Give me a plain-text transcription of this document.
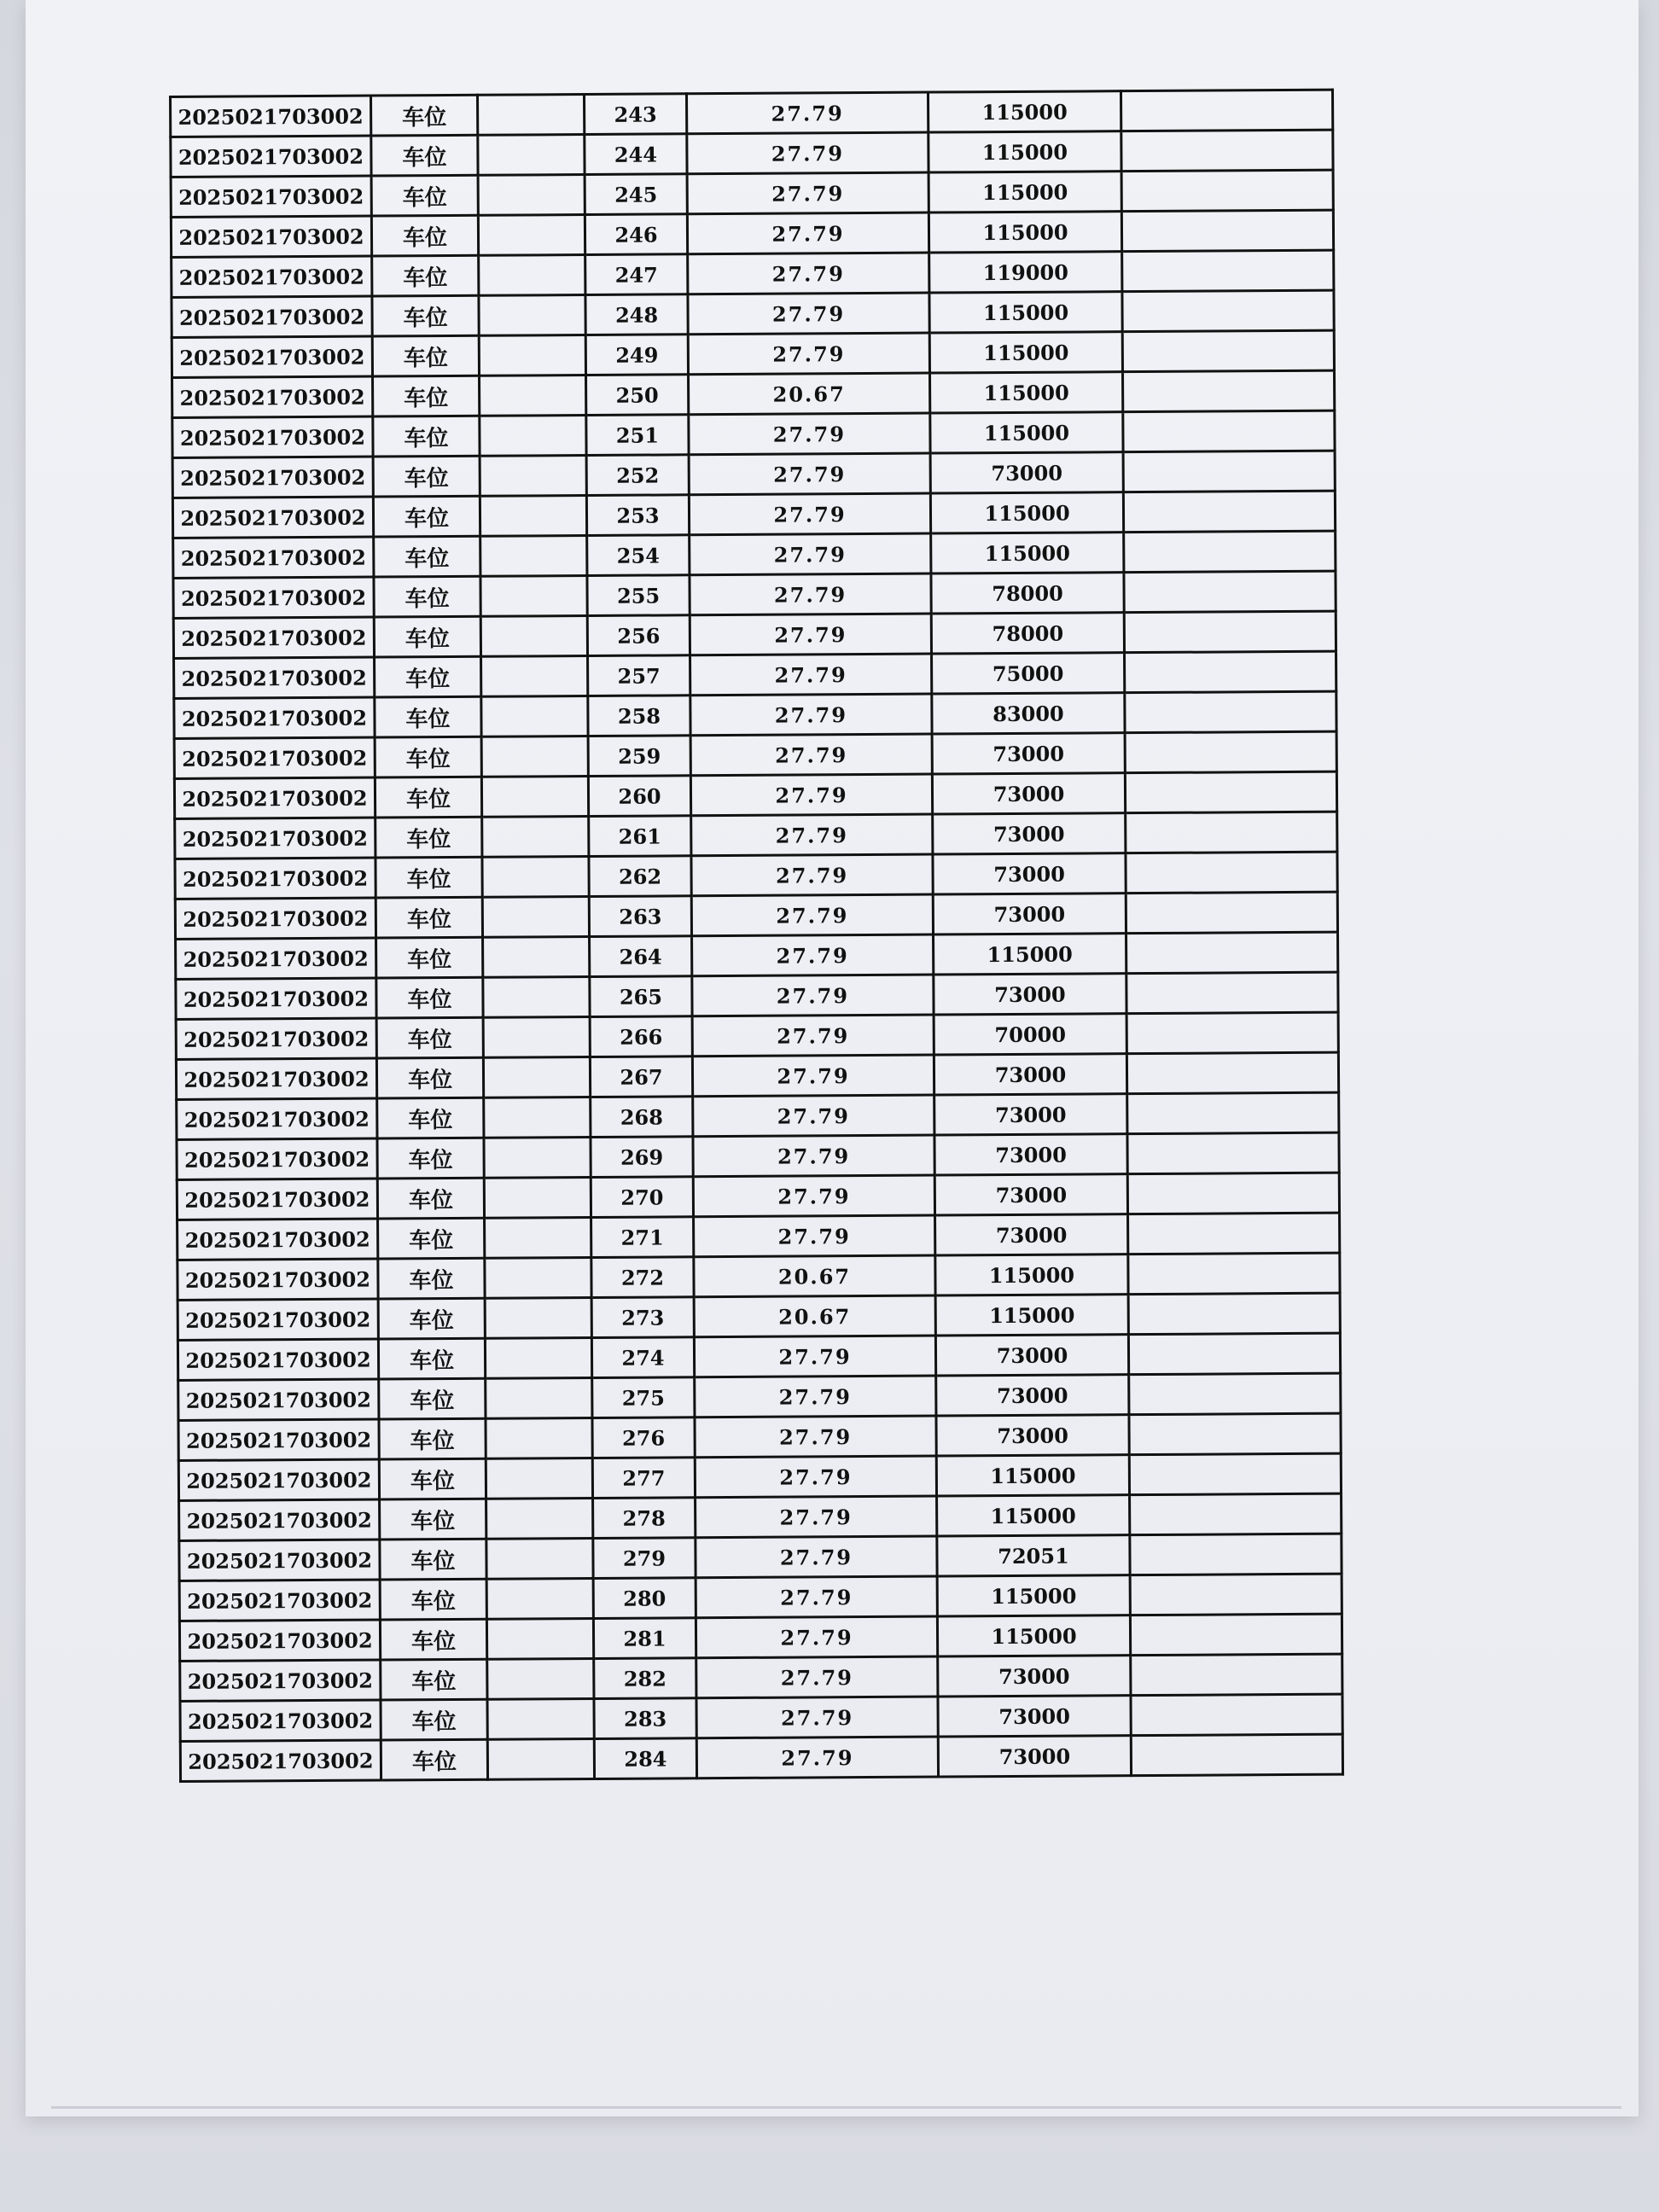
2025021703002	车位		243	27.79	115000	
2025021703002	车位		244	27.79	115000	
2025021703002	车位		245	27.79	115000	
2025021703002	车位		246	27.79	115000	
2025021703002	车位		247	27.79	119000	
2025021703002	车位		248	27.79	115000	
2025021703002	车位		249	27.79	115000	
2025021703002	车位		250	20.67	115000	
2025021703002	车位		251	27.79	115000	
2025021703002	车位		252	27.79	73000	
2025021703002	车位		253	27.79	115000	
2025021703002	车位		254	27.79	115000	
2025021703002	车位		255	27.79	78000	
2025021703002	车位		256	27.79	78000	
2025021703002	车位		257	27.79	75000	
2025021703002	车位		258	27.79	83000	
2025021703002	车位		259	27.79	73000	
2025021703002	车位		260	27.79	73000	
2025021703002	车位		261	27.79	73000	
2025021703002	车位		262	27.79	73000	
2025021703002	车位		263	27.79	73000	
2025021703002	车位		264	27.79	115000	
2025021703002	车位		265	27.79	73000	
2025021703002	车位		266	27.79	70000	
2025021703002	车位		267	27.79	73000	
2025021703002	车位		268	27.79	73000	
2025021703002	车位		269	27.79	73000	
2025021703002	车位		270	27.79	73000	
2025021703002	车位		271	27.79	73000	
2025021703002	车位		272	20.67	115000	
2025021703002	车位		273	20.67	115000	
2025021703002	车位		274	27.79	73000	
2025021703002	车位		275	27.79	73000	
2025021703002	车位		276	27.79	73000	
2025021703002	车位		277	27.79	115000	
2025021703002	车位		278	27.79	115000	
2025021703002	车位		279	27.79	72051	
2025021703002	车位		280	27.79	115000	
2025021703002	车位		281	27.79	115000	
2025021703002	车位		282	27.79	73000	
2025021703002	车位		283	27.79	73000	
2025021703002	车位		284	27.79	73000	
